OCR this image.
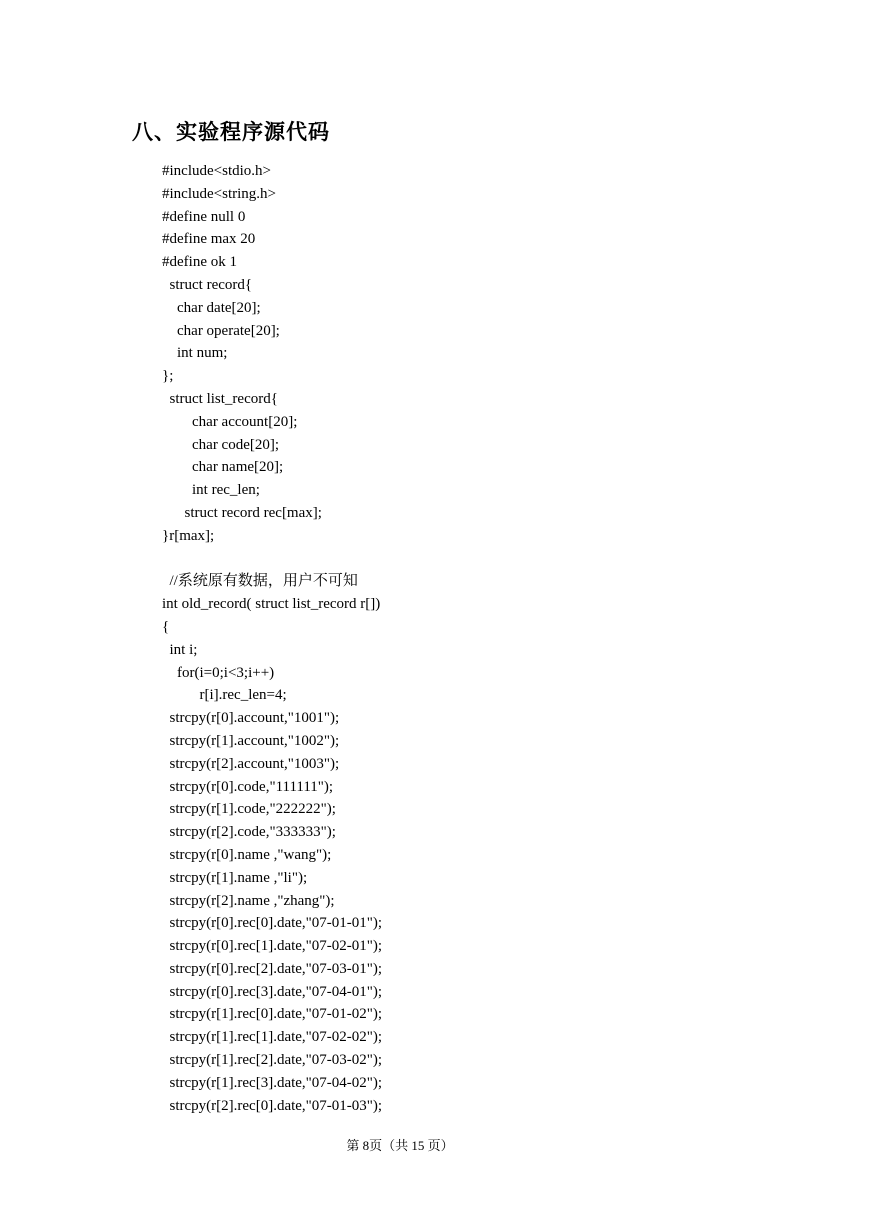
八、实验程序源代码
#include<stdio.h>
#include<string.h>
#define null 0
#define max 20
#define ok 1
struct record{
char date[20];
char operate[20];
int num;
};
struct list_record{
char account[20];
char code[20];
char name[20];
int rec_len;
struct record rec[max];
}r[max];
//系统原有数据，用户不可知
int old_record( struct list_record r[])
{
int i;
for(i=0;i<3;i++)
r[i].rec_len=4;
strcpy(r[0].account,"1001");
strcpy(r[1].account,"1002");
strcpy(r[2].account,"1003");
strcpy(r[0].code,"111111");
strcpy(r[1].code,"222222");
strcpy(r[2].code,"333333");
strcpy(r[0].name ,"wang");
strcpy(r[1].name ,"li");
strcpy(r[2].name ,"zhang");
strcpy(r[0].rec[0].date,"07-01-01");
strcpy(r[0].rec[1].date,"07-02-01");
strcpy(r[0].rec[2].date,"07-03-01");
strcpy(r[0].rec[3].date,"07-04-01");
strcpy(r[1].rec[0].date,"07-01-02");
strcpy(r[1].rec[1].date,"07-02-02");
strcpy(r[1].rec[2].date,"07-03-02");
strcpy(r[1].rec[3].date,"07-04-02");
strcpy(r[2].rec[0].date,"07-01-03");
第 8页（共 15 页）
